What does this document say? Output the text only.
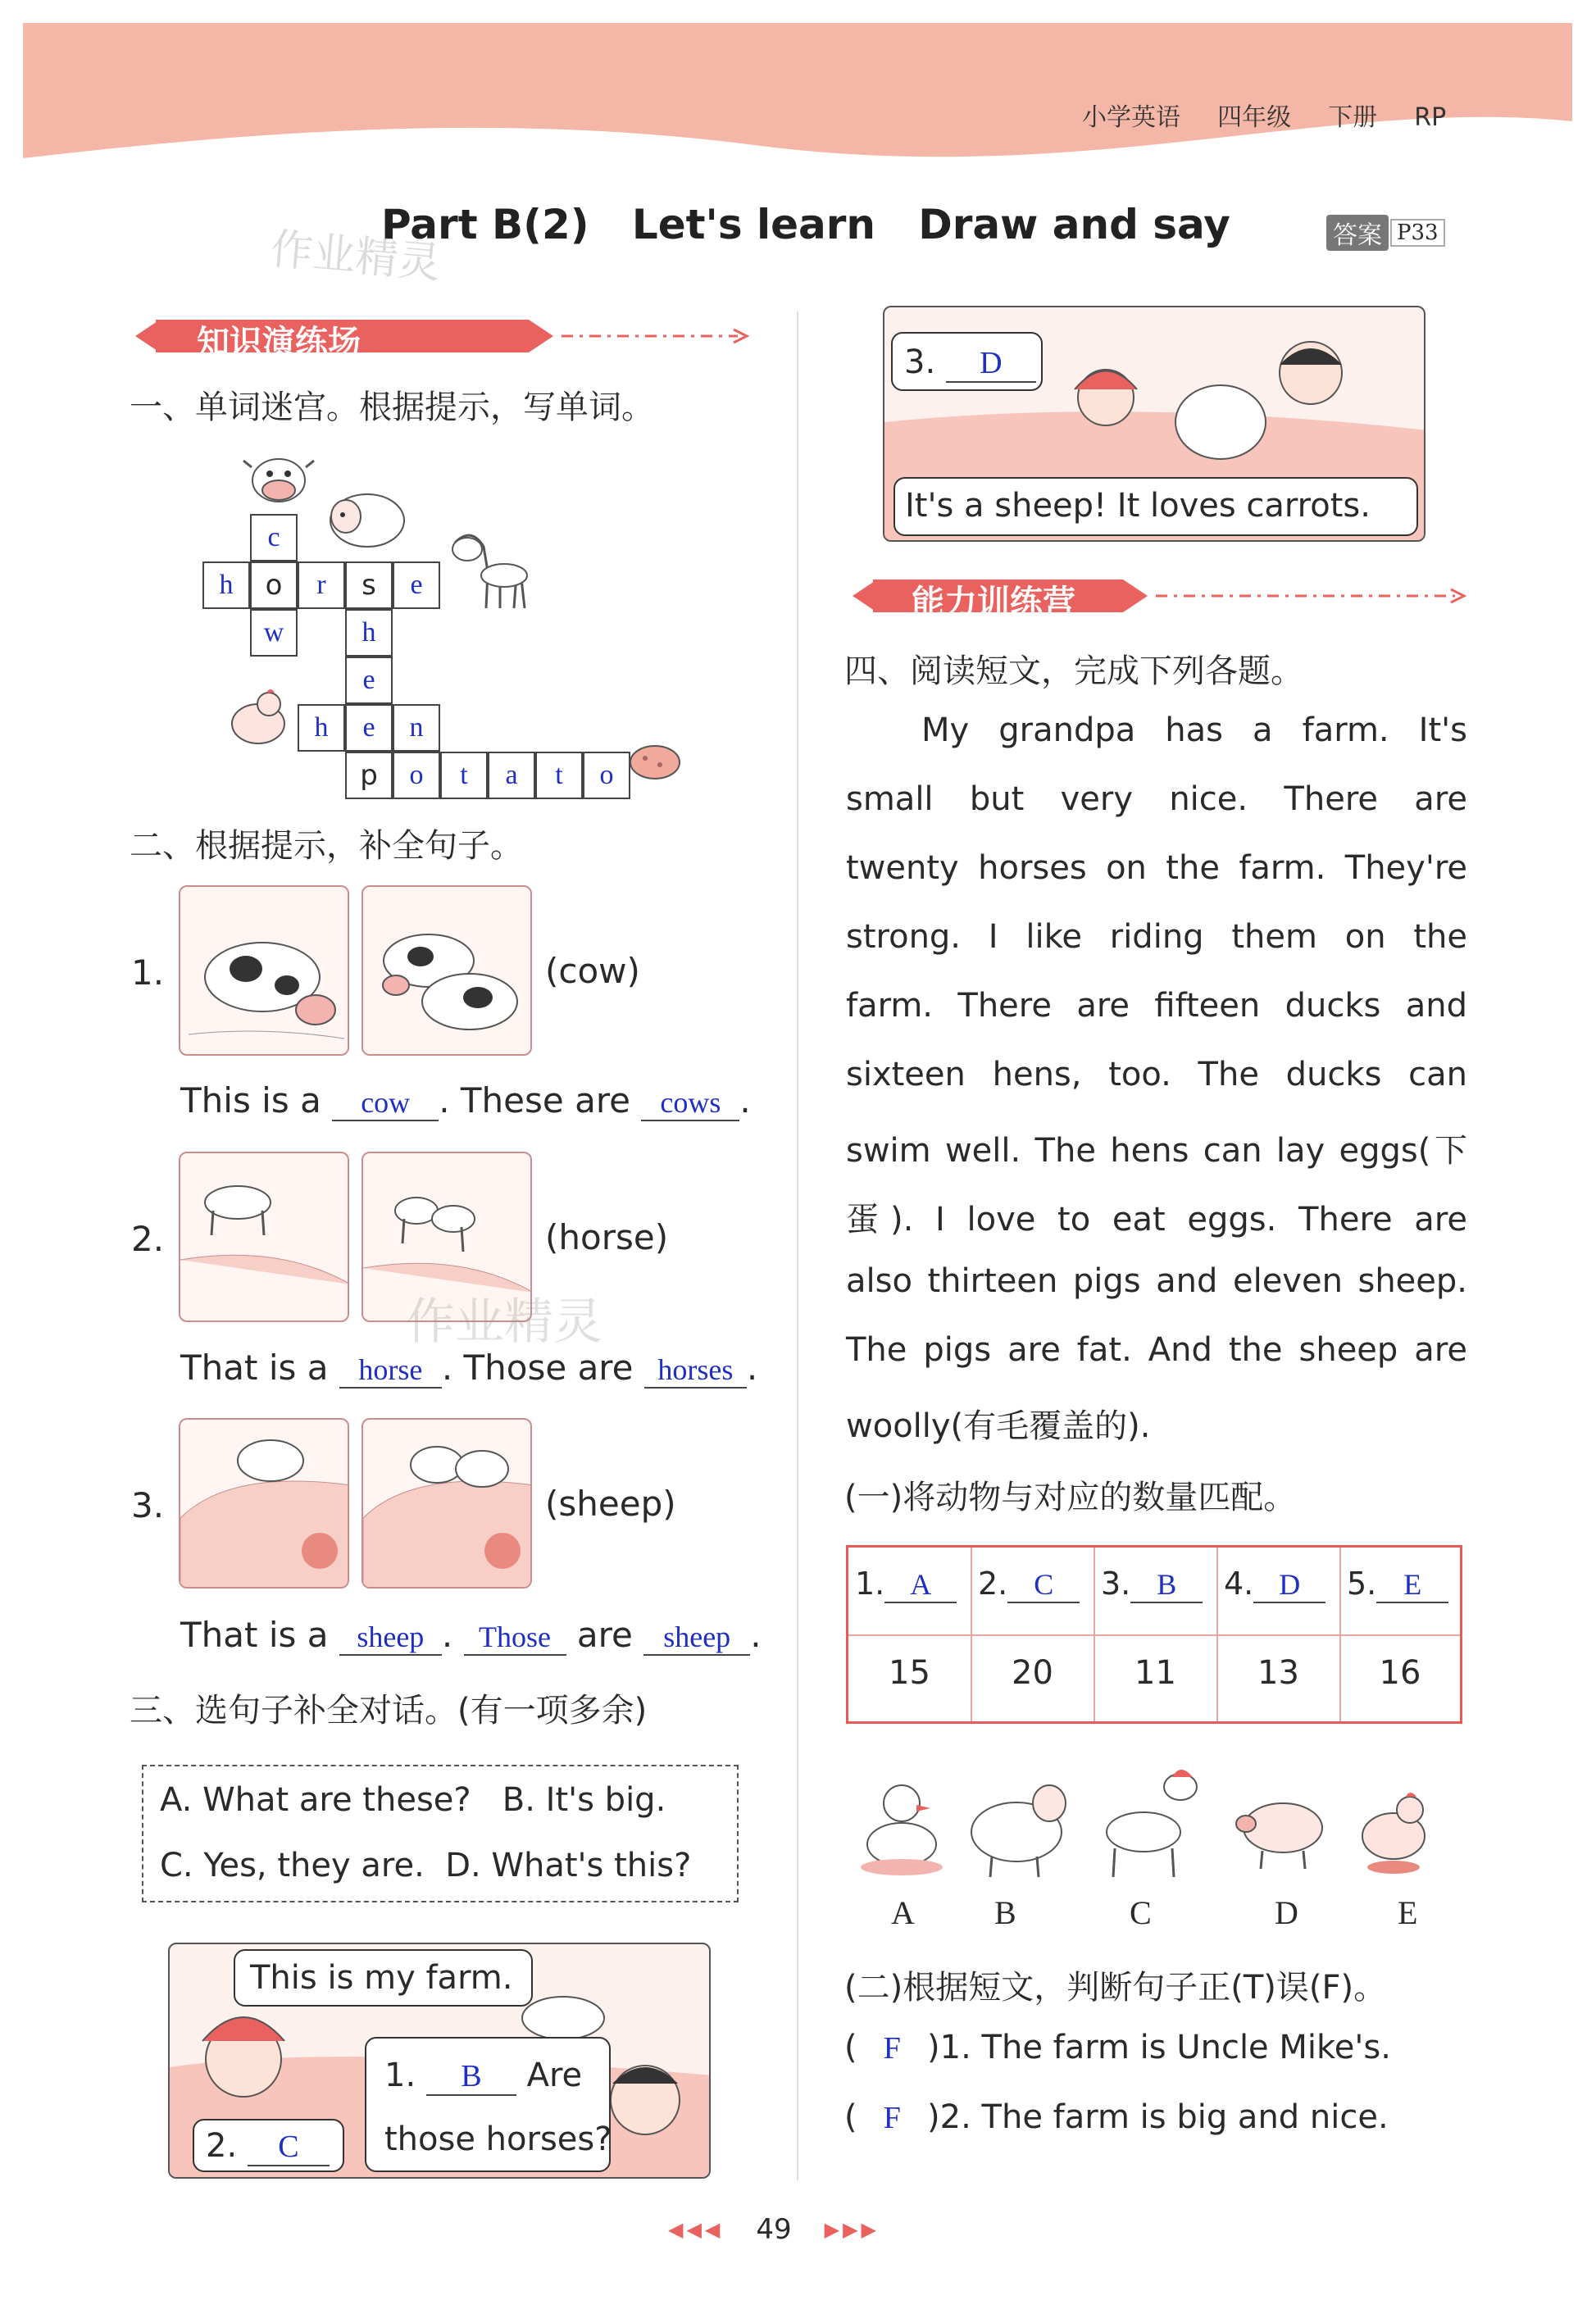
小学英语 四年级 下册 RP
Part B(2)   Let's learn   Draw and say
作业精灵	答案 P33
知识演练场
一、单词迷宫。根据提示，写单词。
c
h	o	r	s	e
w	h
e
h	e	n
p	o	t	a	t	o
二、根据提示，补全句子。
1.	(cow)
This is a cow . These are cows .
2.	(horse)
作业精灵
That is a horse . Those are horses .
3.	(sheep)
That is a sheep . Those are sheep .
三、选句子补全对话。(有一项多余)
A. What are these?   B. It's big.
C. Yes, they are.  D. What's this?
This is my farm.
1. B Are
those horses?
2. C
3. D
It's a sheep! It loves carrots.
能力训练营
四、阅读短文，完成下列各题。
My grandpa has a farm. It's
small but very nice. There are
twenty horses on the farm. They're
strong. I like riding them on the
farm. There are fifteen ducks and
sixteen hens, too. The ducks can
swim well. The hens can lay eggs(下
蛋). I love to eat eggs. There are
also thirteen pigs and eleven sheep.
The pigs are fat. And the sheep are
woolly(有毛覆盖的).
(一)将动物与对应的数量匹配。
1. A	2. C	3. B	4. D	5. E
15	20	11	13	16
A B	C	D	E
(二)根据短文，判断句子正(T)误(F)。
( F )1. The farm is Uncle Mike's.
( F )2. The farm is big and nice.
◀◀◀ 49 ▶▶▶
